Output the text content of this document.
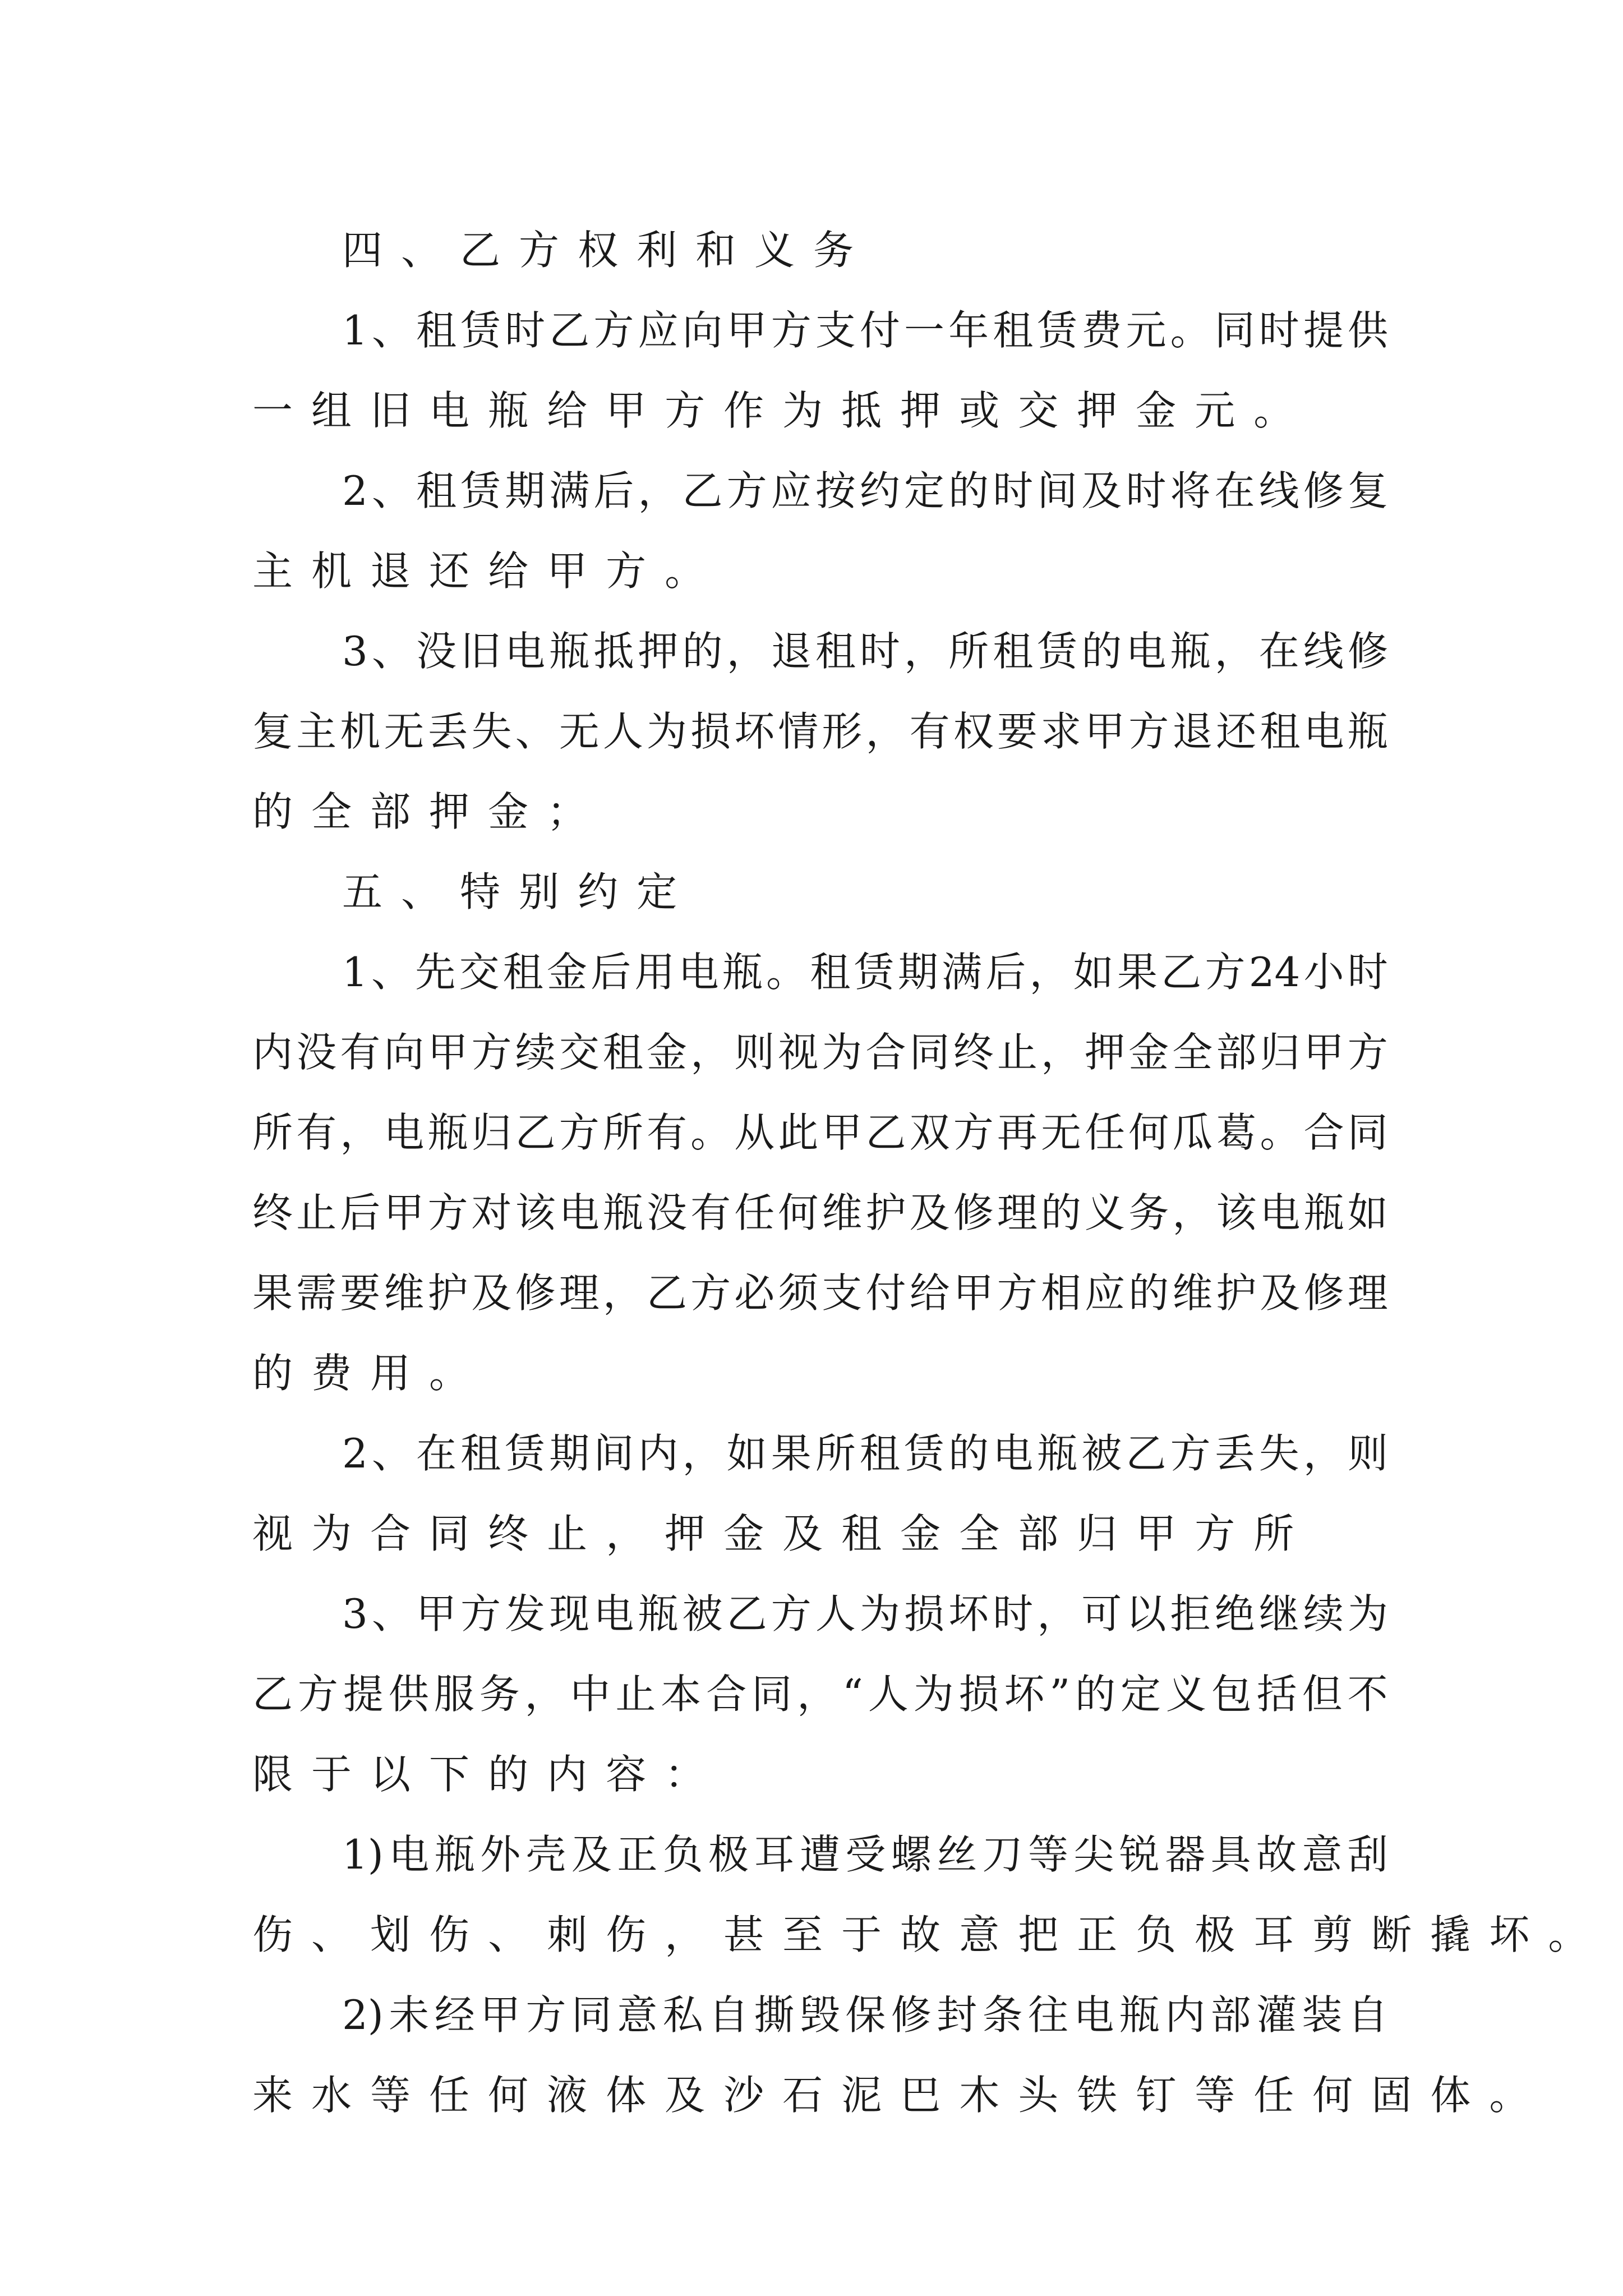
四 、 乙 方 权 利 和 义 务
1 、 租 赁 时 乙 方 应 向 甲 方 支 付 一 年 租 赁 费 元 。 同 时 提 供
一 组 旧 电 瓶 给 甲 方 作 为 抵 押 或 交 押 金 元 。
2 、 租 赁 期 满 后 ， 乙 方 应 按 约 定 的 时 间 及 时 将 在 线 修 复
主 机 退 还 给 甲 方 。
3 、 没 旧 电 瓶 抵 押 的 ， 退 租 时 ， 所 租 赁 的 电 瓶 ， 在 线 修
复 主 机 无 丢 失 、 无 人 为 损 坏 情 形 ， 有 权 要 求 甲 方 退 还 租 电 瓶
的 全 部 押 金 ；
五 、 特 别 约 定
1 、 先 交 租 金 后 用 电 瓶 。 租 赁 期 满 后 ， 如 果 乙 方 24 小 时
内 没 有 向 甲 方 续 交 租 金 ， 则 视 为 合 同 终 止 ， 押 金 全 部 归 甲 方
所 有 ， 电 瓶 归 乙 方 所 有 。 从 此 甲 乙 双 方 再 无 任 何 瓜 葛 。 合 同
终 止 后 甲 方 对 该 电 瓶 没 有 任 何 维 护 及 修 理 的 义 务 ， 该 电 瓶 如
果 需 要 维 护 及 修 理 ， 乙 方 必 须 支 付 给 甲 方 相 应 的 维 护 及 修 理
的 费 用 。
2 、 在 租 赁 期 间 内 ， 如 果 所 租 赁 的 电 瓶 被 乙 方 丢 失 ， 则
视 为 合 同 终 止 ， 押 金 及 租 金 全 部 归 甲 方 所
3 、 甲 方 发 现 电 瓶 被 乙 方 人 为 损 坏 时 ， 可 以 拒 绝 继 续 为
乙 方 提 供 服 务 ， 中 止 本 合 同 ， “ 人 为 损 坏 ” 的 定 义 包 括 但 不
限 于 以 下 的 内 容 ：
1) 电 瓶 外 壳 及 正 负 极 耳 遭 受 螺 丝 刀 等 尖 锐 器 具 故 意 刮
伤 、 划 伤 、 刺 伤 ， 甚 至 于 故 意 把 正 负 极 耳 剪 断 撬 坏 。
2) 未 经 甲 方 同 意 私 自 撕 毁 保 修 封 条 往 电 瓶 内 部 灌 装 自
来 水 等 任 何 液 体 及 沙 石 泥 巴 木 头 铁 钉 等 任 何 固 体 。
